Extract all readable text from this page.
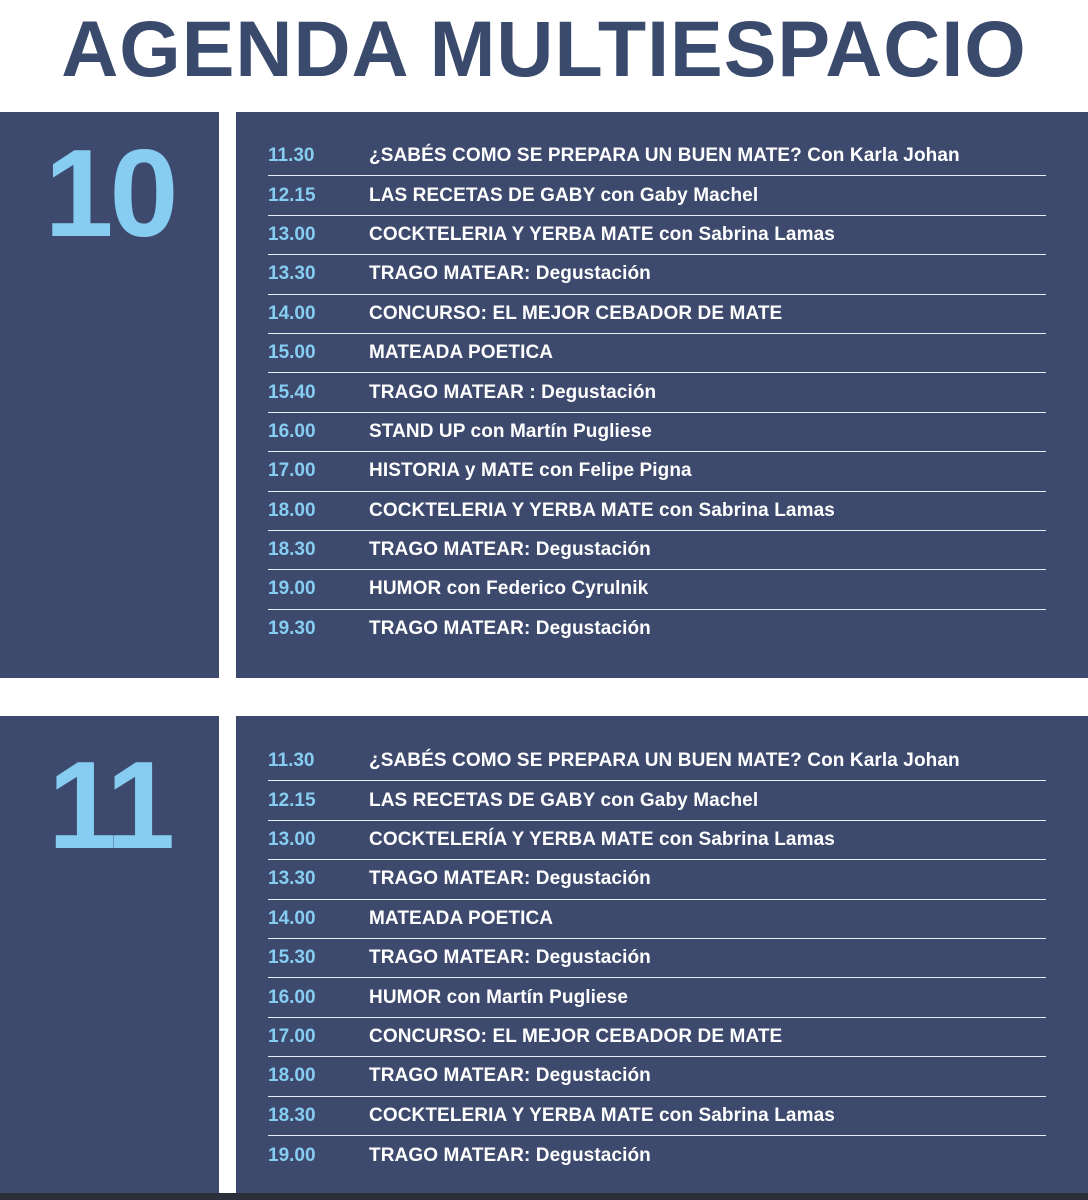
AGENDA MULTIESPACIO
10	11.30	¿SABÉS COMO SE PREPARA UN BUEN MATE? Con Karla Johan
12.15	LAS RECETAS DE GABY con Gaby Machel
13.00	COCKTELERIA Y YERBA MATE con Sabrina Lamas
13.30	TRAGO MATEAR: Degustación
14.00	CONCURSO: EL MEJOR CEBADOR DE MATE
15.00	MATEADA POETICA
15.40	TRAGO MATEAR : Degustación
16.00	STAND UP con Martín Pugliese
17.00	HISTORIA y MATE con Felipe Pigna
18.00	COCKTELERIA Y YERBA MATE con Sabrina Lamas
18.30	TRAGO MATEAR: Degustación
19.00	HUMOR con Federico Cyrulnik
19.30	TRAGO MATEAR: Degustación
11	11.30	¿SABÉS COMO SE PREPARA UN BUEN MATE? Con Karla Johan
12.15	LAS RECETAS DE GABY con Gaby Machel
13.00	COCKTELERÍA Y YERBA MATE con Sabrina Lamas
13.30	TRAGO MATEAR: Degustación
14.00	MATEADA POETICA
15.30	TRAGO MATEAR: Degustación
16.00	HUMOR con Martín Pugliese
17.00	CONCURSO: EL MEJOR CEBADOR DE MATE
18.00	TRAGO MATEAR: Degustación
18.30	COCKTELERIA Y YERBA MATE con Sabrina Lamas
19.00	TRAGO MATEAR: Degustación
